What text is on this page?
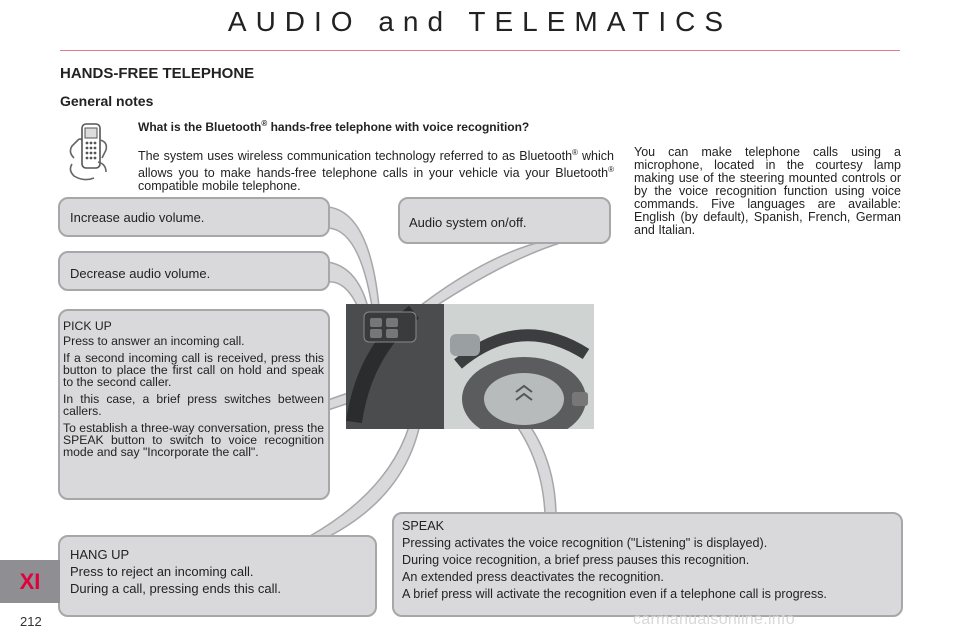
AUDIO and TELEMATICS
HANDS-FREE TELEPHONE
General notes
What is the Bluetooth® hands-free telephone with voice recognition?
The system uses wireless communication technology referred to as Bluetooth® which allows you to make hands-free telephone calls in your vehicle via your Bluetooth® compatible mobile telephone.
You can make telephone calls using a microphone, located in the courtesy lamp making use of the steering mounted controls or by the voice recognition function using voice commands. Five languages are available: English (by default), Spanish, French, German and Italian.

Increase audio volume.

Decrease audio volume.

Audio system on/off.

PICK UP

Press to answer an incoming call.

If a second incoming call is received, press this button to place the first call on hold and speak to the second caller.

In this case, a brief press switches between callers.

To establish a three-way conversation, press the SPEAK button to switch to voice recognition mode and say "Incorporate the call".

HANG UP

Press to reject an incoming call.

During a call, pressing ends this call.

SPEAK

Pressing activates the voice recognition ("Listening" is displayed).

During voice recognition, a brief press pauses this recognition.

An extended press deactivates the recognition.

A brief press will activate the recognition even if a telephone call is progress.

XI
212	carmanualsonline.info
